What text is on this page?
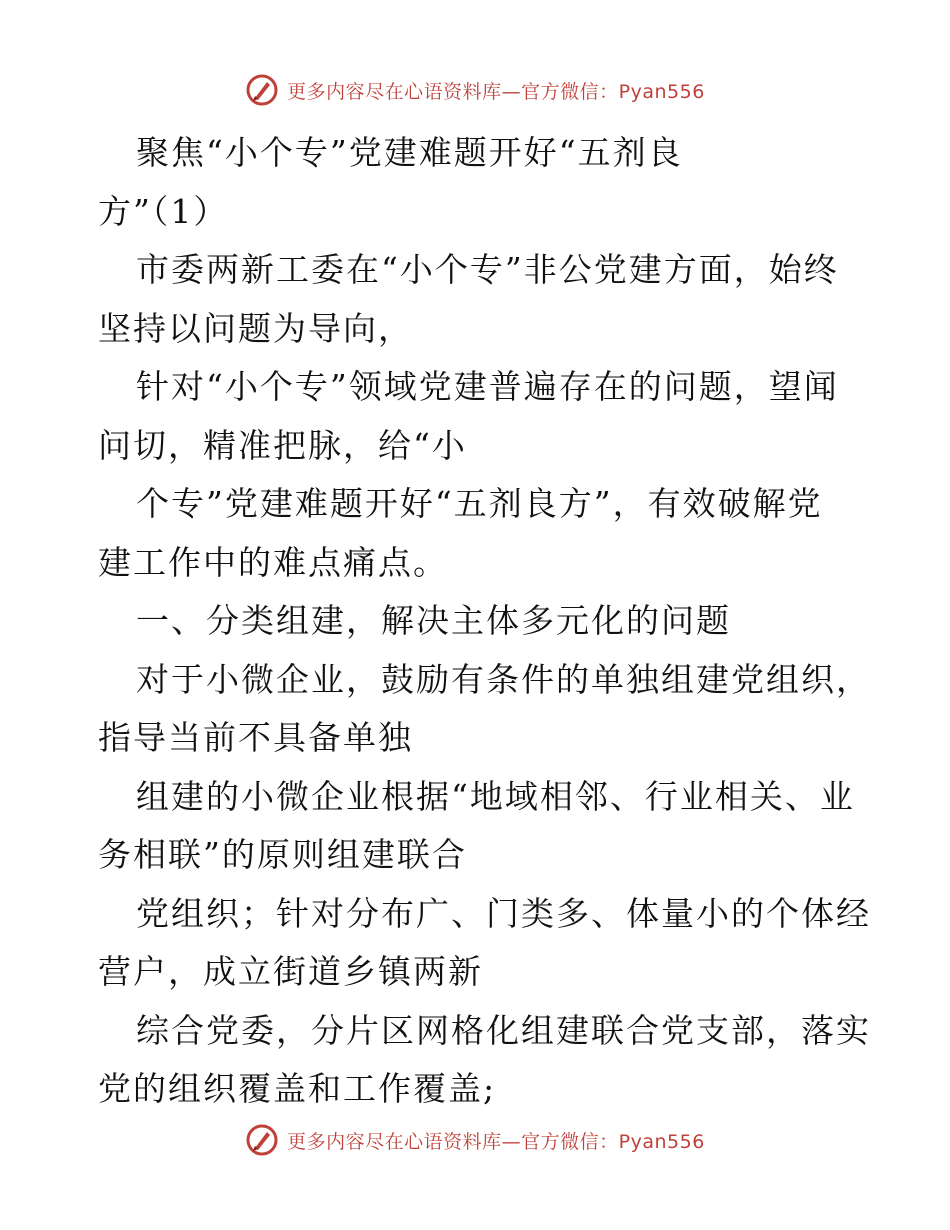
更多内容尽在心语资料库—官方微信：Pyan556

聚焦“小个专”党建难题开好“五剂良
方”（1）

市委两新工委在“小个专”非公党建方面，始终
坚持以问题为导向，

针对“小个专”领域党建普遍存在的问题，望闻
问切，精准把脉，给“小

个专”党建难题开好“五剂良方”，有效破解党
建工作中的难点痛点。

一、分类组建，解决主体多元化的问题

对于小微企业，鼓励有条件的单独组建党组织，
指导当前不具备单独

组建的小微企业根据“地域相邻、行业相关、业
务相联”的原则组建联合

党组织；针对分布广、门类多、体量小的个体经
营户，成立街道乡镇两新

综合党委，分片区网格化组建联合党支部，落实
党的组织覆盖和工作覆盖;

更多内容尽在心语资料库—官方微信：Pyan556
